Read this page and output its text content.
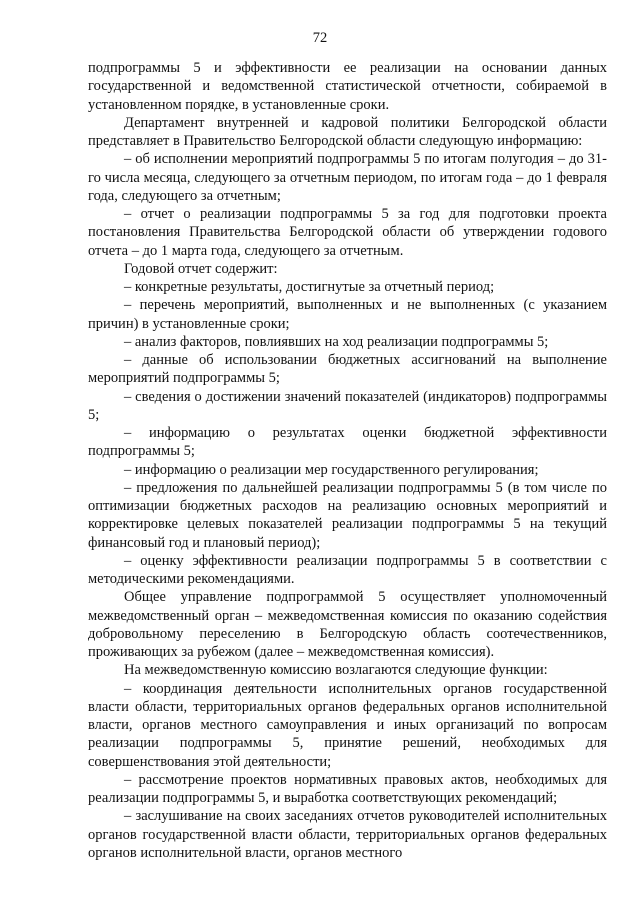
72

подпрограммы 5 и эффективности ее реализации на основании данных государственной и ведомственной статистической отчетности, собираемой в установленном порядке, в установленные сроки.

Департамент внутренней и кадровой политики Белгородской области представляет в Правительство Белгородской области следующую информацию:

– об исполнении мероприятий подпрограммы 5 по итогам полугодия – до 31-го числа месяца, следующего за отчетным периодом, по итогам года – до 1 февраля года, следующего за отчетным;

– отчет о реализации подпрограммы 5 за год для подготовки проекта постановления Правительства Белгородской области об утверждении годового отчета – до 1 марта года, следующего за отчетным.

Годовой отчет содержит:

– конкретные результаты, достигнутые за отчетный период;

– перечень мероприятий, выполненных и не выполненных (с указанием причин) в установленные сроки;

– анализ факторов, повлиявших на ход реализации подпрограммы 5;

– данные об использовании бюджетных ассигнований на выполнение мероприятий подпрограммы 5;

– сведения о достижении значений показателей (индикаторов) подпрограммы 5;

– информацию о результатах оценки бюджетной эффективности подпрограммы 5;

– информацию о реализации мер государственного регулирования;

– предложения по дальнейшей реализации подпрограммы 5 (в том числе по оптимизации бюджетных расходов на реализацию основных мероприятий и корректировке целевых показателей реализации подпрограммы 5 на текущий финансовый год и плановый период);

– оценку эффективности реализации подпрограммы 5 в соответствии с методическими рекомендациями.

Общее управление подпрограммой 5 осуществляет уполномоченный межведомственный орган – межведомственная комиссия по оказанию содействия добровольному переселению в Белгородскую область соотечественников, проживающих за рубежом (далее – межведомственная комиссия).

На межведомственную комиссию возлагаются следующие функции:

– координация деятельности исполнительных органов государственной власти области, территориальных органов федеральных органов исполнительной власти, органов местного самоуправления и иных организаций по вопросам реализации подпрограммы 5, принятие решений, необходимых для совершенствования этой деятельности;

– рассмотрение проектов нормативных правовых актов, необходимых для реализации подпрограммы 5, и выработка соответствующих рекомендаций;

– заслушивание на своих заседаниях отчетов руководителей исполнительных органов государственной власти области, территориальных органов федеральных органов исполнительной власти, органов местного
